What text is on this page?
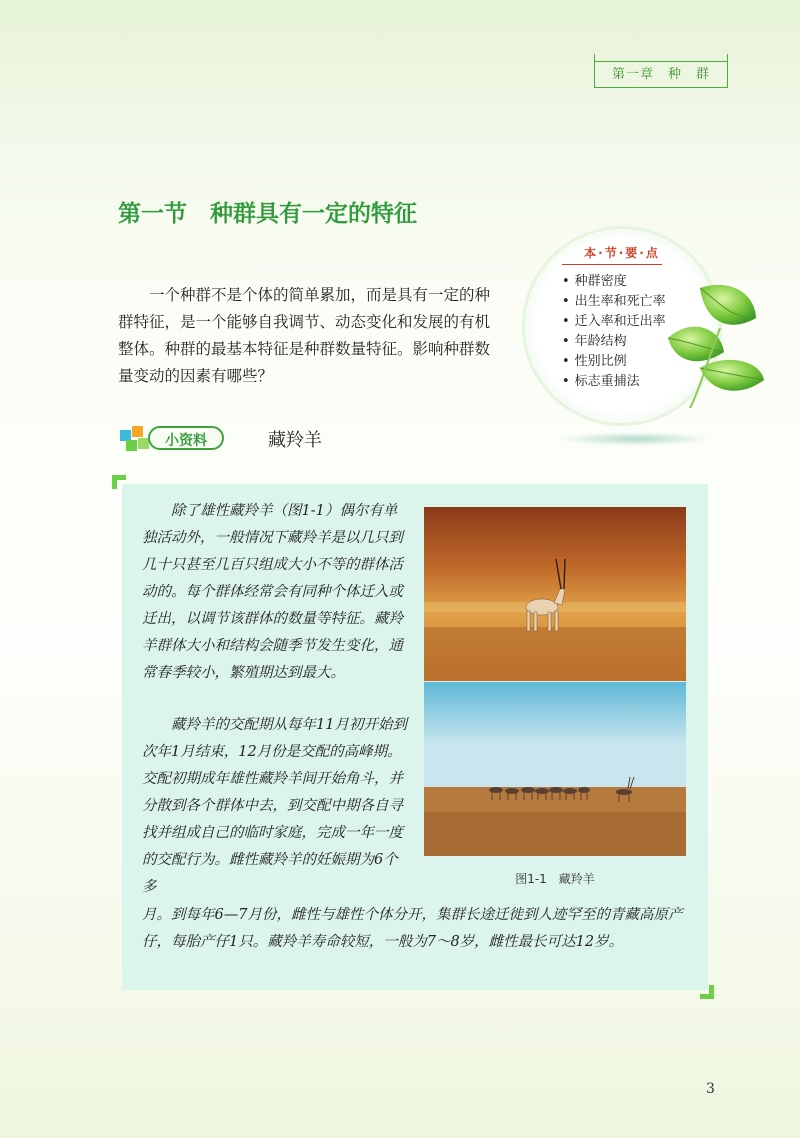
第一章　种　群
第一节　种群具有一定的特征
本·节·要·点
• 种群密度
• 出生率和死亡率
• 迁入率和迁出率
• 年龄结构
• 性别比例
• 标志重捕法

一个种群不是个体的简单累加，而是具有一定的种群特征，是一个能够自我调节、动态变化和发展的有机整体。种群的最基本特征是种群数量特征。影响种群数量变动的因素有哪些？

小资料	藏羚羊

除了雄性藏羚羊（图1-1）偶尔有单独活动外，一般情况下藏羚羊是以几只到几十只甚至几百只组成大小不等的群体活动的。每个群体经常会有同种个体迁入或迁出，以调节该群体的数量等特征。藏羚羊群体大小和结构会随季节发生变化，通常春季较小，繁殖期达到最大。

藏羚羊的交配期从每年11月初开始到次年1月结束，12月份是交配的高峰期。交配初期成年雄性藏羚羊间开始角斗，并分散到各个群体中去，到交配中期各自寻找并组成自己的临时家庭，完成一年一度的交配行为。雌性藏羚羊的妊娠期为6个多

月。到每年6—7月份，雌性与雄性个体分开，集群长途迁徙到人迹罕至的青藏高原产仔，每胎产仔1只。藏羚羊寿命较短，一般为7～8岁，雌性最长可达12岁。

图1-1　藏羚羊
3
